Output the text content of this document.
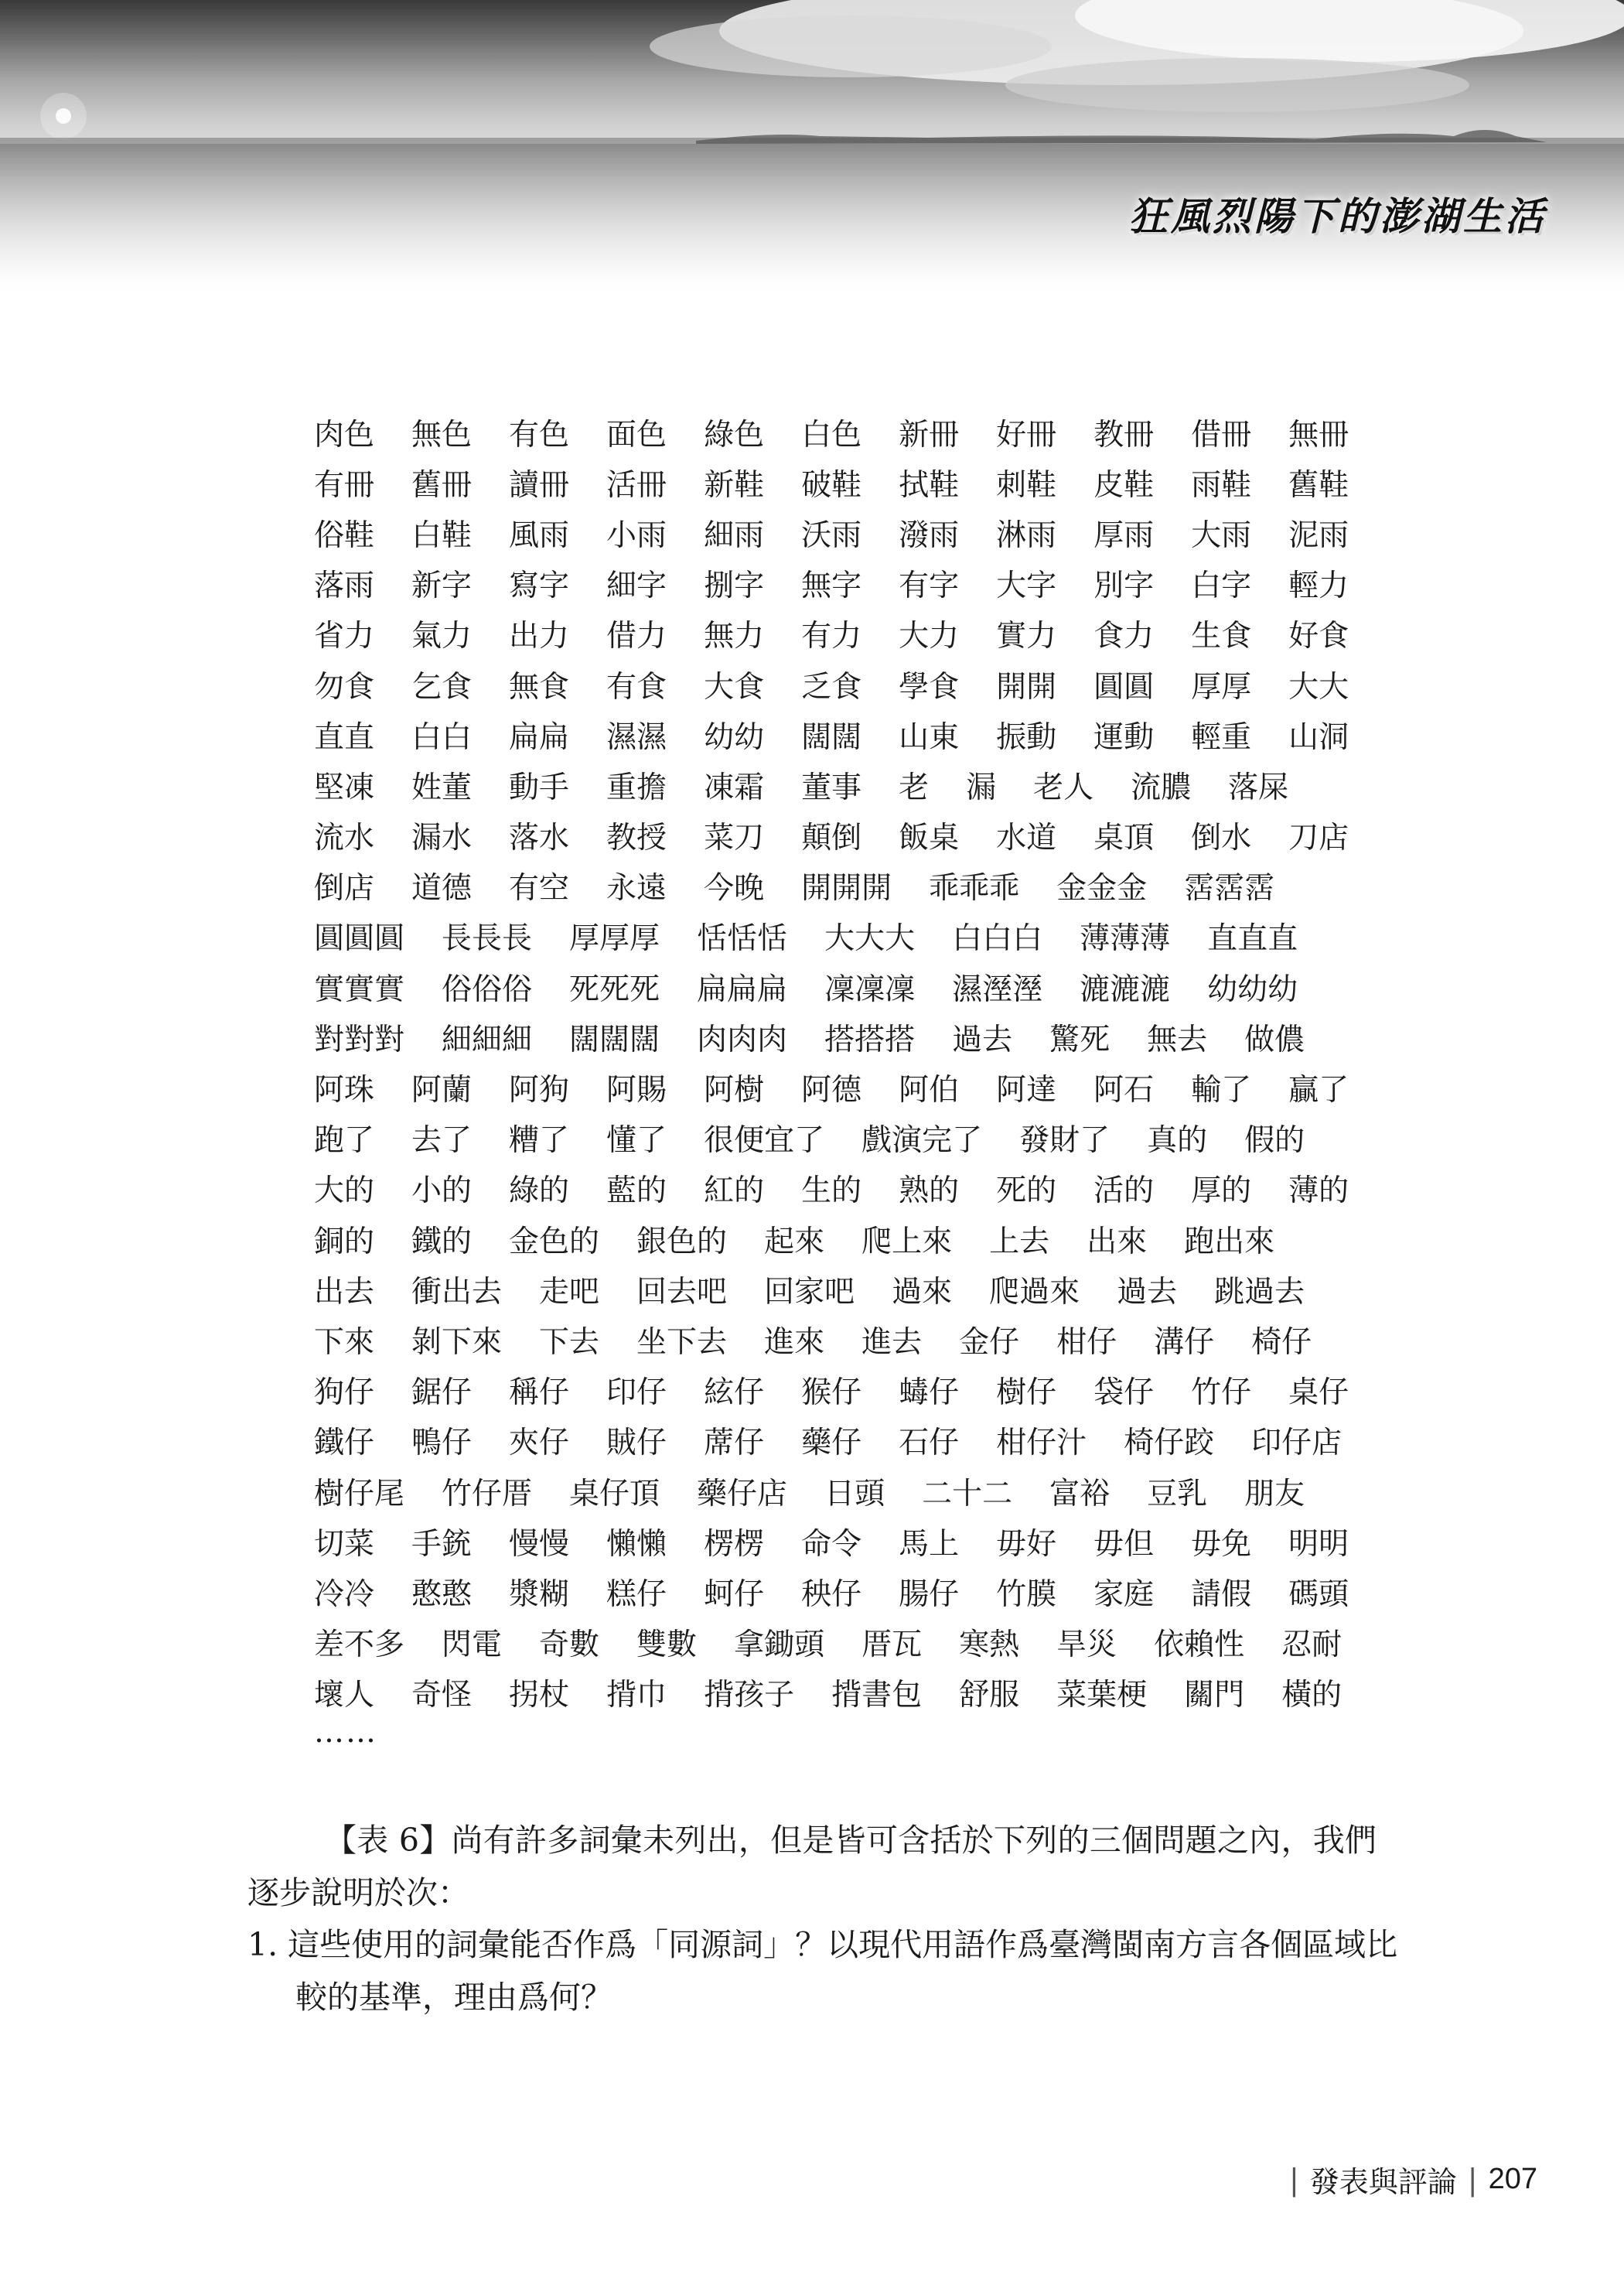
狂風烈陽下的澎湖生活
肉色 無色 有色 面色 綠色 白色 新冊 好冊 教冊 借冊 無冊
有冊 舊冊 讀冊 活冊 新鞋 破鞋 拭鞋 刺鞋 皮鞋 雨鞋 舊鞋
俗鞋 白鞋 風雨 小雨 細雨 沃雨 潑雨 淋雨 厚雨 大雨 泥雨
落雨 新字 寫字 細字 捌字 無字 有字 大字 別字 白字 輕力
省力 氣力 出力 借力 無力 有力 大力 實力 食力 生食 好食
勿食 乞食 無食 有食 大食 乏食 學食 開開 圓圓 厚厚 大大
直直 白白 扁扁 濕濕 幼幼 闊闊 山東 振動 運動 輕重 山洞
堅凍 姓董 動手 重擔 凍霜 董事 老 漏 老人 流膿 落屎
流水 漏水 落水 教授 菜刀 顛倒 飯桌 水道 桌頂 倒水 刀店
倒店 道德 有空 永遠 今晚 開開開 乖乖乖 金金金 霑霑霑
圓圓圓 長長長 厚厚厚 恬恬恬 大大大 白白白 薄薄薄 直直直
實實實 俗俗俗 死死死 扁扁扁 凜凜凜 濕溼溼 漉漉漉 幼幼幼
對對對 細細細 闊闊闊 肉肉肉 搭搭搭 過去 驚死 無去 做儂
阿珠 阿蘭 阿狗 阿賜 阿樹 阿德 阿伯 阿達 阿石 輸了 贏了
跑了 去了 糟了 懂了 很便宜了 戲演完了 發財了 真的 假的
大的 小的 綠的 藍的 紅的 生的 熟的 死的 活的 厚的 薄的
銅的 鐵的 金色的 銀色的 起來 爬上來 上去 出來 跑出來
出去 衝出去 走吧 回去吧 回家吧 過來 爬過來 過去 跳過去
下來 剝下來 下去 坐下去 進來 進去 金仔 柑仔 溝仔 椅仔
狗仔 鋸仔 稱仔 印仔 絃仔 猴仔 蝳仔 樹仔 袋仔 竹仔 桌仔
鐵仔 鴨仔 夾仔 賊仔 蓆仔 藥仔 石仔 柑仔汁 椅仔跤 印仔店
樹仔尾 竹仔厝 桌仔頂 藥仔店 日頭 二十二 富裕 豆乳 朋友
切菜 手銃 慢慢 懶懶 楞楞 命令 馬上 毋好 毋但 毋免 明明
冷冷 憨憨 漿糊 糕仔 蚵仔 秧仔 腸仔 竹膜 家庭 請假 碼頭
差不多 閃電 奇數 雙數 拿鋤頭 厝瓦 寒熱 旱災 依賴性 忍耐
壞人 奇怪 拐杖 揹巾 揹孩子 揹書包 舒服 菜葉梗 關門 橫的
……
【表 6】尚有許多詞彙未列出，但是皆可含括於下列的三個問題之內，我們逐步說明於次：
1. 這些使用的詞彙能否作爲「同源詞」？以現代用語作爲臺灣閩南方言各個區域比較的基準，理由爲何？
| 發表與評論 | 207
